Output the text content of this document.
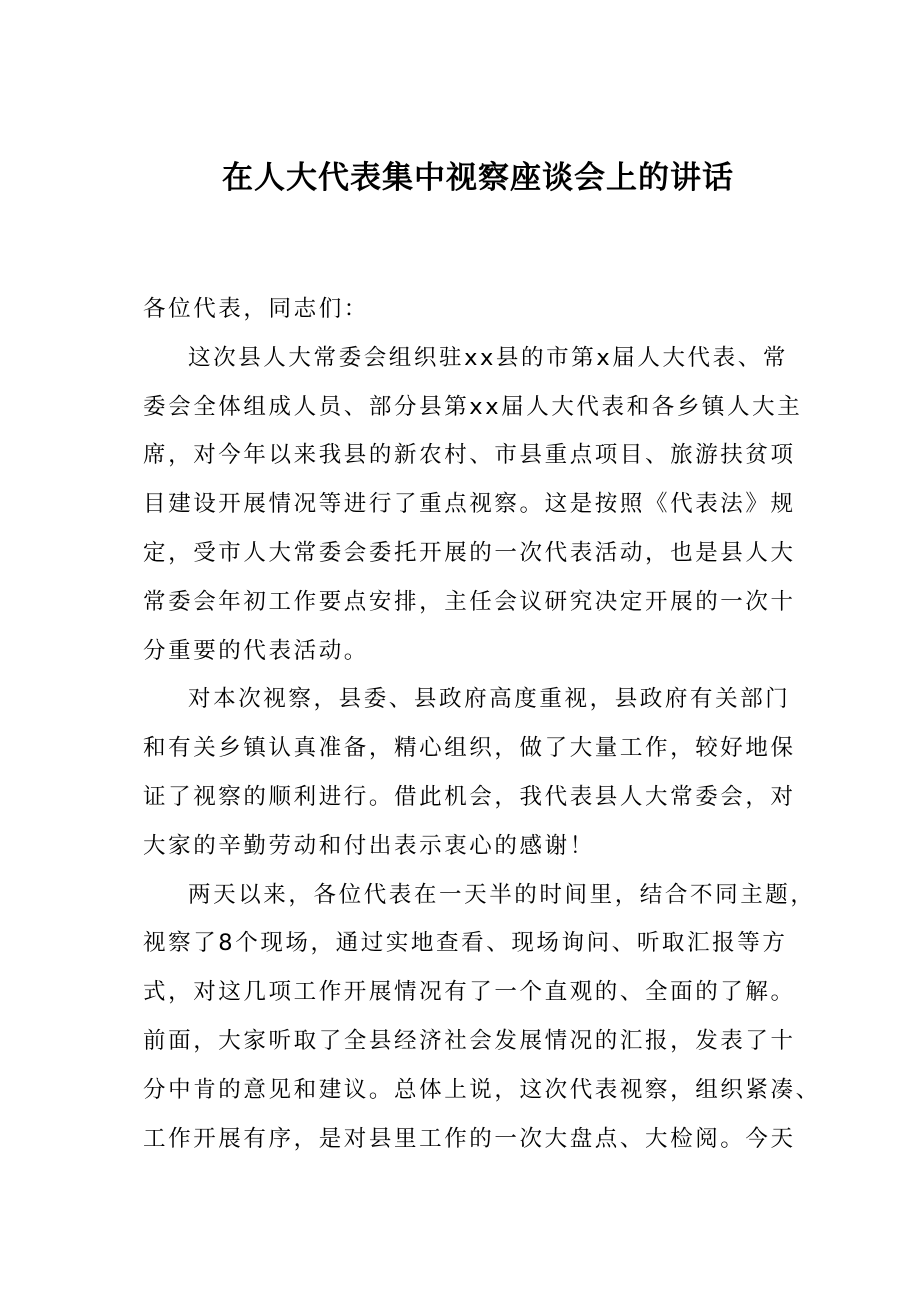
在人大代表集中视察座谈会上的讲话

各位代表，同志们：

这次县人大常委会组织驻xx县的市第x届人大代表、常
委会全体组成人员、部分县第xx届人大代表和各乡镇人大主
席，对今年以来我县的新农村、市县重点项目、旅游扶贫项
目建设开展情况等进行了重点视察。这是按照《代表法》规
定，受市人大常委会委托开展的一次代表活动，也是县人大
常委会年初工作要点安排，主任会议研究决定开展的一次十
分重要的代表活动。

对本次视察，县委、县政府高度重视，县政府有关部门
和有关乡镇认真准备，精心组织，做了大量工作，较好地保
证了视察的顺利进行。借此机会，我代表县人大常委会，对
大家的辛勤劳动和付出表示衷心的感谢！

两天以来，各位代表在一天半的时间里，结合不同主题，
视察了8个现场，通过实地查看、现场询问、听取汇报等方
式，对这几项工作开展情况有了一个直观的、全面的了解。
前面，大家听取了全县经济社会发展情况的汇报，发表了十
分中肯的意见和建议。总体上说，这次代表视察，组织紧凑、
工作开展有序，是对县里工作的一次大盘点、大检阅。今天
